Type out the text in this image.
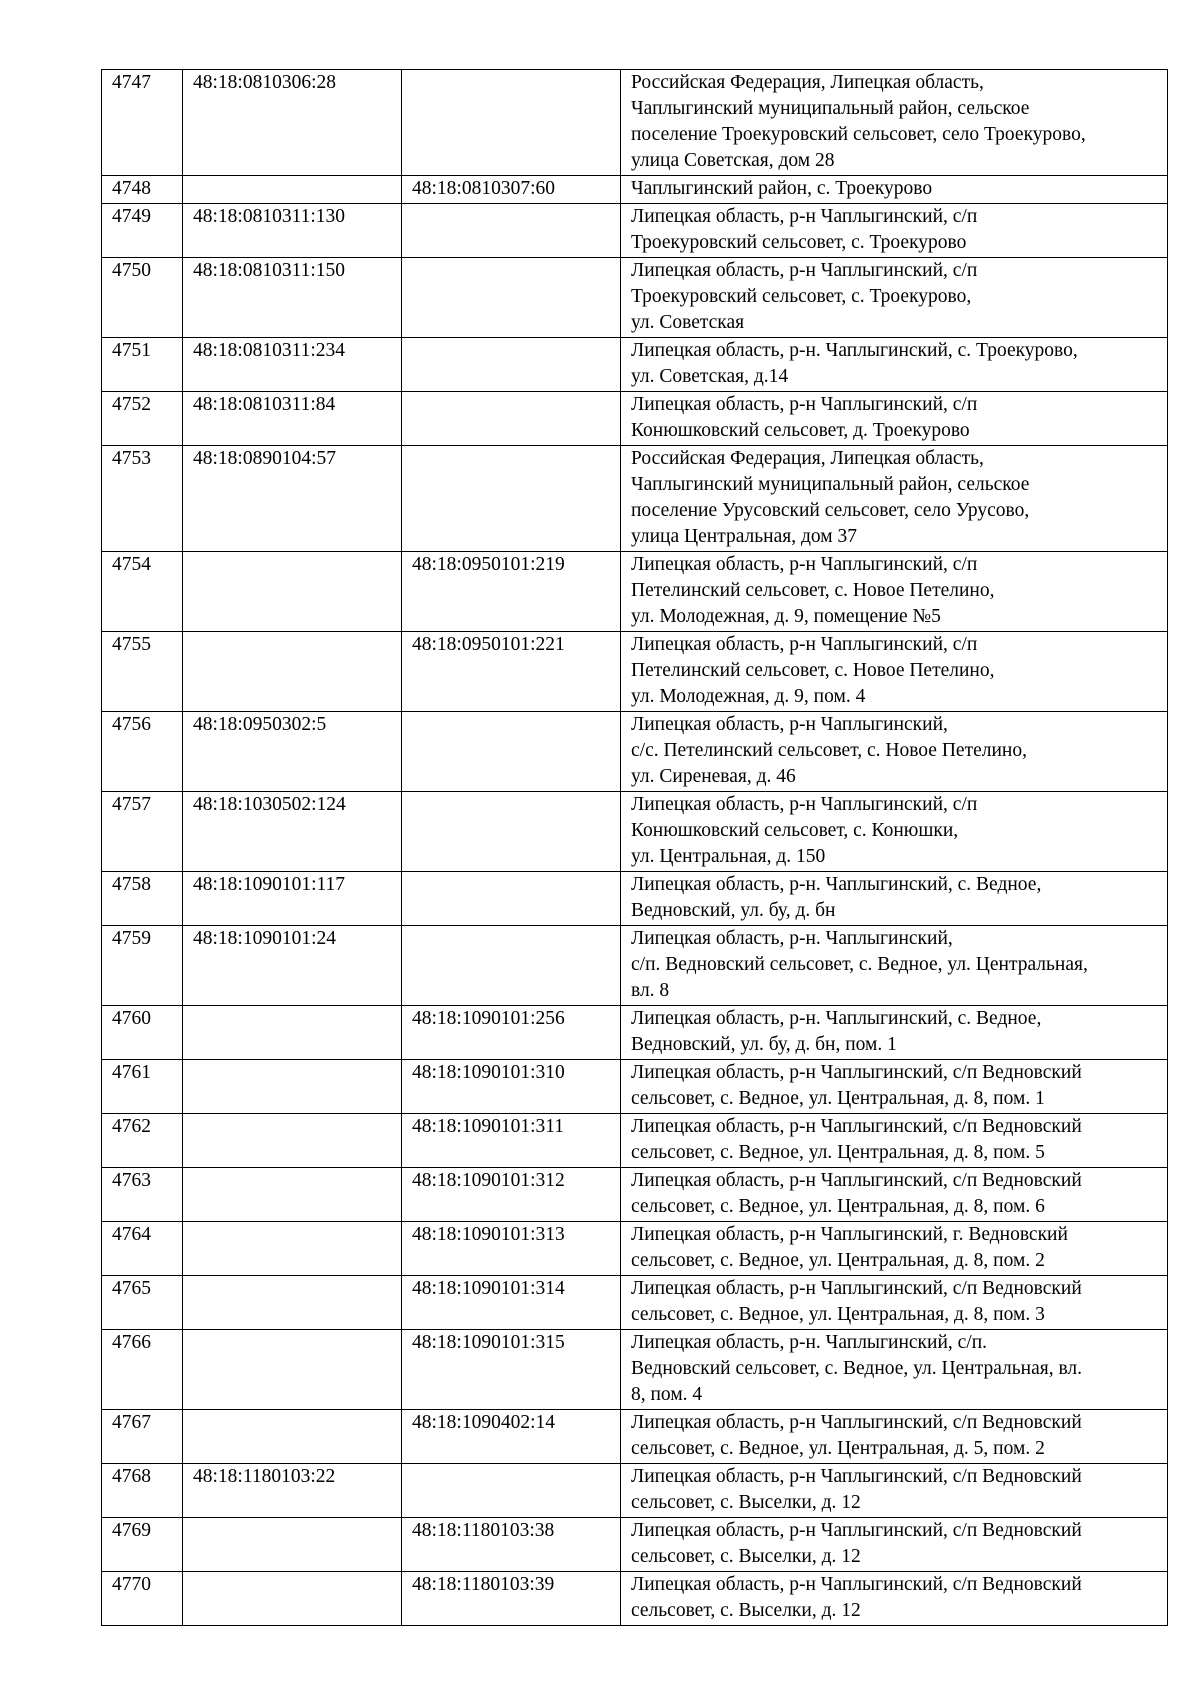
4747	48:18:0810306:28		Российская Федерация, Липецкая область,
Чаплыгинский муниципальный район, сельское
поселение Троекуровский сельсовет, село Троекурово,
улица Советская, дом 28
4748		48:18:0810307:60	Чаплыгинский район, с. Троекурово
4749	48:18:0810311:130		Липецкая область, р-н Чаплыгинский, с/п
Троекуровский сельсовет, с. Троекурово
4750	48:18:0810311:150		Липецкая область, р-н Чаплыгинский, с/п
Троекуровский сельсовет, с. Троекурово,
ул. Советская
4751	48:18:0810311:234		Липецкая область, р-н. Чаплыгинский, с. Троекурово,
ул. Советская, д.14
4752	48:18:0810311:84		Липецкая область, р-н Чаплыгинский, с/п
Конюшковский сельсовет, д. Троекурово
4753	48:18:0890104:57		Российская Федерация, Липецкая область,
Чаплыгинский муниципальный район, сельское
поселение Урусовский сельсовет, село Урусово,
улица Центральная, дом 37
4754		48:18:0950101:219	Липецкая область, р-н Чаплыгинский, с/п
Петелинский сельсовет, с. Новое Петелино,
ул. Молодежная, д. 9, помещение №5
4755		48:18:0950101:221	Липецкая область, р-н Чаплыгинский, с/п
Петелинский сельсовет, с. Новое Петелино,
ул. Молодежная, д. 9, пом. 4
4756	48:18:0950302:5		Липецкая область, р-н Чаплыгинский,
с/с. Петелинский сельсовет, с. Новое Петелино,
ул. Сиреневая, д. 46
4757	48:18:1030502:124		Липецкая область, р-н Чаплыгинский, с/п
Конюшковский сельсовет, с. Конюшки,
ул. Центральная, д. 150
4758	48:18:1090101:117		Липецкая область, р-н. Чаплыгинский, с. Ведное,
Ведновский, ул. бу, д. бн
4759	48:18:1090101:24		Липецкая область, р-н. Чаплыгинский,
с/п. Ведновский сельсовет, с. Ведное, ул. Центральная,
вл. 8
4760		48:18:1090101:256	Липецкая область, р-н. Чаплыгинский, с. Ведное,
Ведновский, ул. бу, д. бн, пом. 1
4761		48:18:1090101:310	Липецкая область, р-н Чаплыгинский, с/п Ведновский
сельсовет, с. Ведное, ул. Центральная, д. 8, пом. 1
4762		48:18:1090101:311	Липецкая область, р-н Чаплыгинский, с/п Ведновский
сельсовет, с. Ведное, ул. Центральная, д. 8, пом. 5
4763		48:18:1090101:312	Липецкая область, р-н Чаплыгинский, с/п Ведновский
сельсовет, с. Ведное, ул. Центральная, д. 8, пом. 6
4764		48:18:1090101:313	Липецкая область, р-н Чаплыгинский, г. Ведновский
сельсовет, с. Ведное, ул. Центральная, д. 8, пом. 2
4765		48:18:1090101:314	Липецкая область, р-н Чаплыгинский, с/п Ведновский
сельсовет, с. Ведное, ул. Центральная, д. 8, пом. 3
4766		48:18:1090101:315	Липецкая область, р-н. Чаплыгинский, с/п.
Ведновский сельсовет, с. Ведное, ул. Центральная, вл.
8, пом. 4
4767		48:18:1090402:14	Липецкая область, р-н Чаплыгинский, с/п Ведновский
сельсовет, с. Ведное, ул. Центральная, д. 5, пом. 2
4768	48:18:1180103:22		Липецкая область, р-н Чаплыгинский, с/п Ведновский
сельсовет, с. Выселки, д. 12
4769		48:18:1180103:38	Липецкая область, р-н Чаплыгинский, с/п Ведновский
сельсовет, с. Выселки, д. 12
4770		48:18:1180103:39	Липецкая область, р-н Чаплыгинский, с/п Ведновский
сельсовет, с. Выселки, д. 12
